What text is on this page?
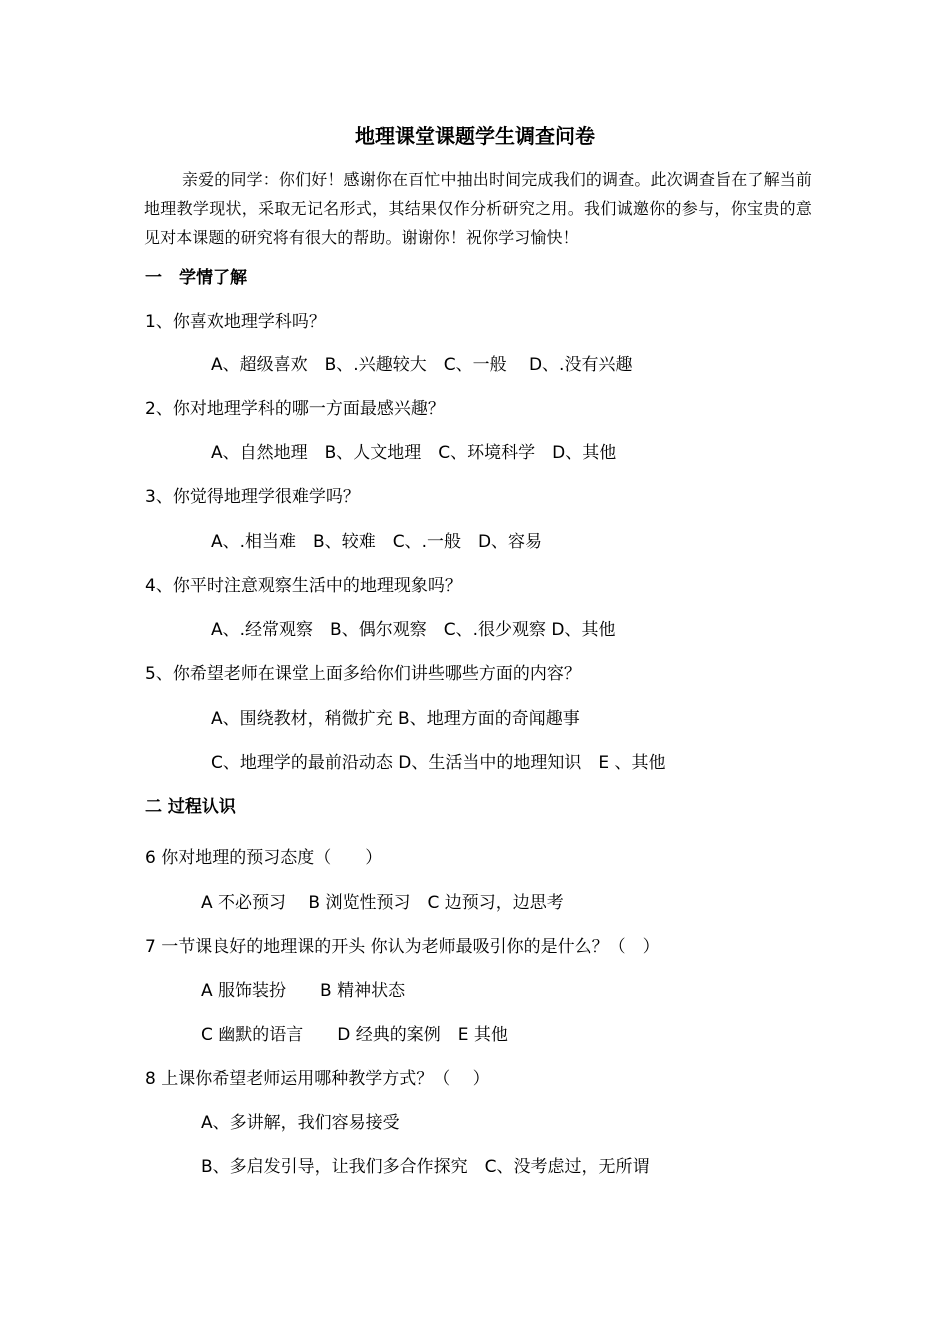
地理课堂课题学生调查问卷
亲爱的同学：你们好！感谢你在百忙中抽出时间完成我们的调查。此次调查旨在了解当前地理教学现状，采取无记名形式，其结果仅作分析研究之用。我们诚邀你的参与，你宝贵的意见对本课题的研究将有很大的帮助。谢谢你！祝你学习愉快！
一　学情了解
1、你喜欢地理学科吗？
A、超级喜欢　B、.兴趣较大　C、一般　 D、.没有兴趣
2、你对地理学科的哪一方面最感兴趣？
A、自然地理　B、人文地理　C、环境科学　D、其他
3、你觉得地理学很难学吗？
A、.相当难　B、较难　C、.一般　D、容易
4、你平时注意观察生活中的地理现象吗？
A、.经常观察　B、偶尔观察　C、.很少观察 D、其他
5、你希望老师在课堂上面多给你们讲些哪些方面的内容？
A、围绕教材，稍微扩充 B、地理方面的奇闻趣事
C、地理学的最前沿动态 D、生活当中的地理知识　E 、其他
二 过程认识
6 你对地理的预习态度（　　）
A 不必预习　 B 浏览性预习　C 边预习，边思考
7 一节课良好的地理课的开头 你认为老师最吸引你的是什么？（　）
A 服饰装扮　　B 精神状态
C 幽默的语言　　D 经典的案例　E 其他
8 上课你希望老师运用哪种教学方式？（　 ）
A、多讲解，我们容易接受
B、多启发引导，让我们多合作探究　C、没考虑过，无所谓
